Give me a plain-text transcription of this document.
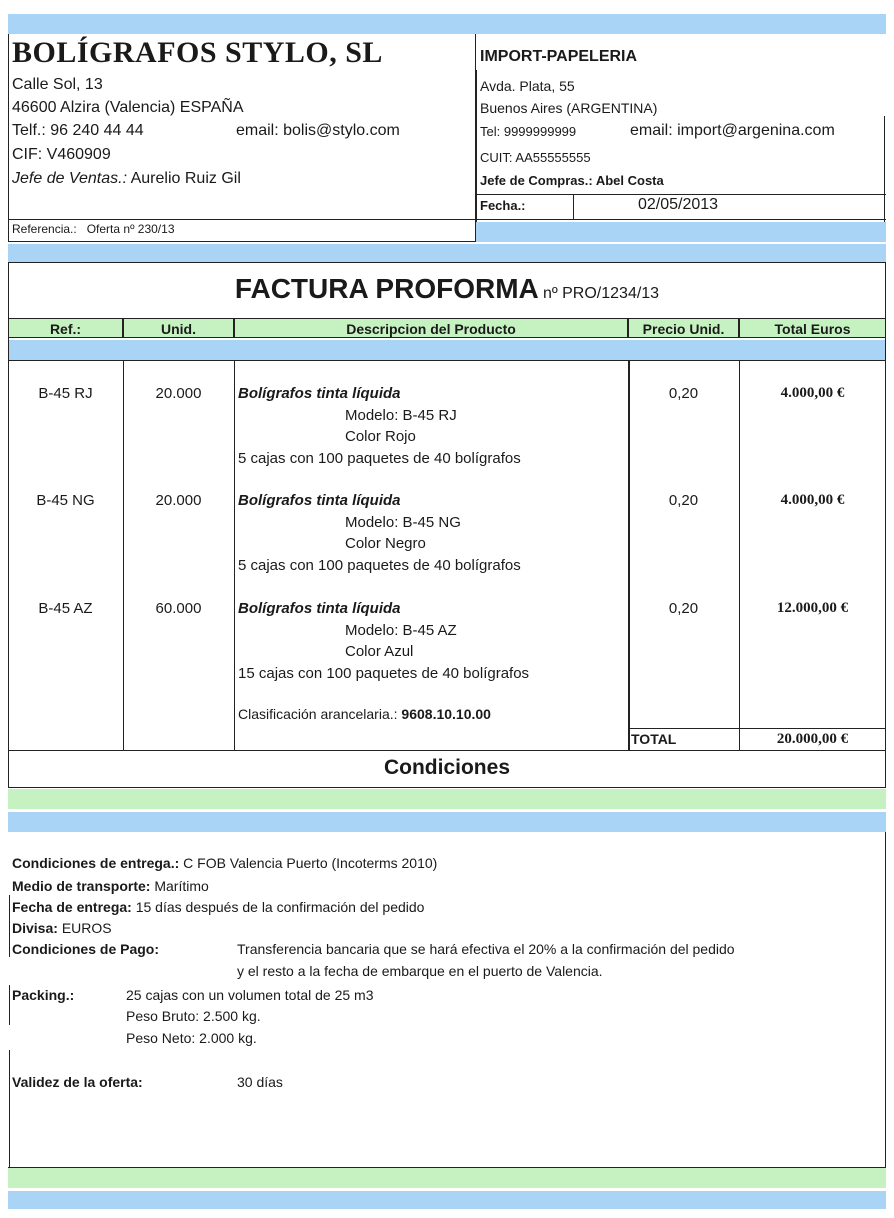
BOLÍGRAFOS STYLO, SL
Calle Sol, 13
46600 Alzira (Valencia) ESPAÑA
Telf.: 96 240 44 44	email: bolis@stylo.com
CIF: V460909
Jefe de Ventas.: Aurelio Ruiz Gil
Referencia.: Oferta nº 230/13
IMPORT-PAPELERIA
Avda. Plata, 55
Buenos Aires (ARGENTINA)
Tel: 9999999999	email: import@argenina.com
CUIT: AA55555555
Jefe de Compras.: Abel Costa
Fecha.:	02/05/2013
FACTURA PROFORMA nº PRO/1234/13
Ref.:	Unid.	Descripcion del Producto	Precio Unid.	Total Euros
B-45 RJ	20.000	Bolígrafos tinta líquida
Modelo: B-45 RJ
Color Rojo
5 cajas con 100 paquetes de 40 bolígrafos
0,20	4.000,00 €
B-45 NG	20.000	Bolígrafos tinta líquida
Modelo: B-45 NG
Color Negro
5 cajas con 100 paquetes de 40 bolígrafos
0,20	4.000,00 €
B-45 AZ	60.000	Bolígrafos tinta líquida
Modelo: B-45 AZ
Color Azul
15 cajas con 100 paquetes de 40 bolígrafos
0,20	12.000,00 €
Clasificación arancelaria.: 9608.10.10.00
TOTAL	20.000,00 €
Condiciones
Condiciones de entrega.: C FOB Valencia Puerto (Incoterms 2010)
Medio de transporte: Marítimo
Fecha de entrega: 15 días después de la confirmación del pedido
Divisa: EUROS
Condiciones de Pago:	Transferencia bancaria que se hará efectiva el 20% a la confirmación del pedido
y el resto a la fecha de embarque en el puerto de Valencia.
Packing.:	25 cajas con un volumen total de 25 m3
Peso Bruto: 2.500 kg.
Peso Neto: 2.000 kg.
Validez de la oferta:	30 días
